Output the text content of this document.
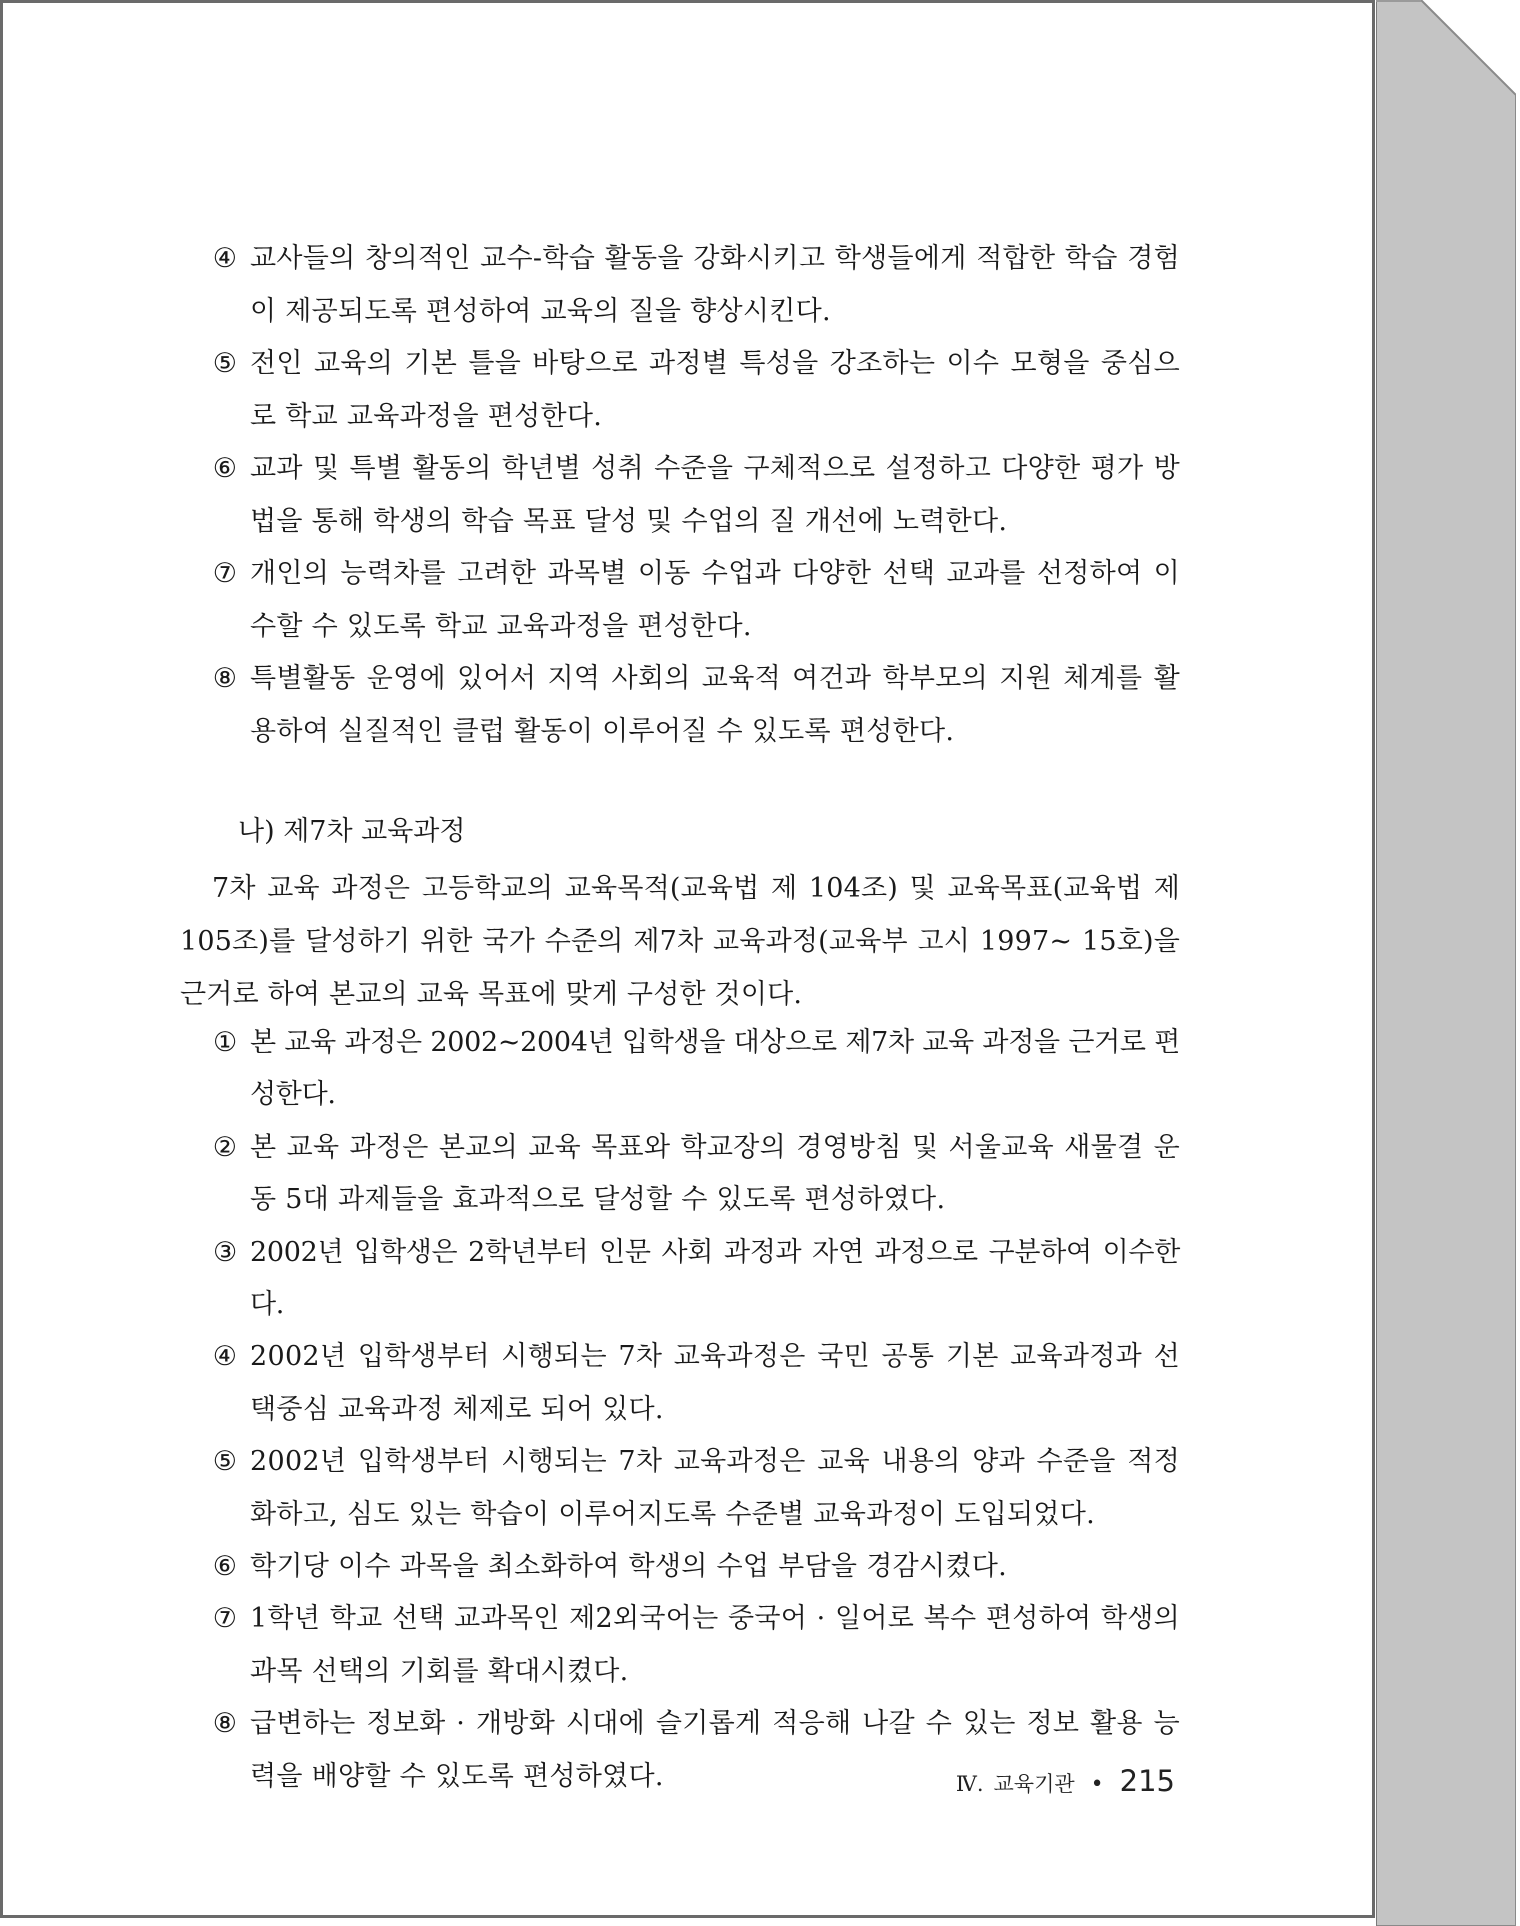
④ 교사들의 창의적인 교수-학습 활동을 강화시키고 학생들에게 적합한 학습 경험이 제공되도록 편성하여 교육의 질을 향상시킨다.
⑤ 전인 교육의 기본 틀을 바탕으로 과정별 특성을 강조하는 이수 모형을 중심으로 학교 교육과정을 편성한다.
⑥ 교과 및 특별 활동의 학년별 성취 수준을 구체적으로 설정하고 다양한 평가 방법을 통해 학생의 학습 목표 달성 및 수업의 질 개선에 노력한다.
⑦ 개인의 능력차를 고려한 과목별 이동 수업과 다양한 선택 교과를 선정하여 이수할 수 있도록 학교 교육과정을 편성한다.
⑧ 특별활동 운영에 있어서 지역 사회의 교육적 여건과 학부모의 지원 체계를 활용하여 실질적인 클럽 활동이 이루어질 수 있도록 편성한다.
나) 제7차 교육과정
7차 교육 과정은 고등학교의 교육목적(교육법 제 104조) 및 교육목표(교육법 제105조)를 달성하기 위한 국가 수준의 제7차 교육과정(교육부 고시 1997~ 15호)을 근거로 하여 본교의 교육 목표에 맞게 구성한 것이다.
① 본 교육 과정은 2002~2004년 입학생을 대상으로 제7차 교육 과정을 근거로 편성한다.
② 본 교육 과정은 본교의 교육 목표와 학교장의 경영방침 및 서울교육 새물결 운동 5대 과제들을 효과적으로 달성할 수 있도록 편성하였다.
③ 2002년 입학생은 2학년부터 인문 사회 과정과 자연 과정으로 구분하여 이수한다.
④ 2002년 입학생부터 시행되는 7차 교육과정은 국민 공통 기본 교육과정과 선택중심 교육과정 체제로 되어 있다.
⑤ 2002년 입학생부터 시행되는 7차 교육과정은 교육 내용의 양과 수준을 적정화하고, 심도 있는 학습이 이루어지도록 수준별 교육과정이 도입되었다.
⑥ 학기당 이수 과목을 최소화하여 학생의 수업 부담을 경감시켰다.
⑦ 1학년 학교 선택 교과목인 제2외국어는 중국어 · 일어로 복수 편성하여 학생의 과목 선택의 기회를 확대시켰다.
⑧ 급변하는 정보화 · 개방화 시대에 슬기롭게 적응해 나갈 수 있는 정보 활용 능력을 배양할 수 있도록 편성하였다.	Ⅳ. 교육기관 • 215
